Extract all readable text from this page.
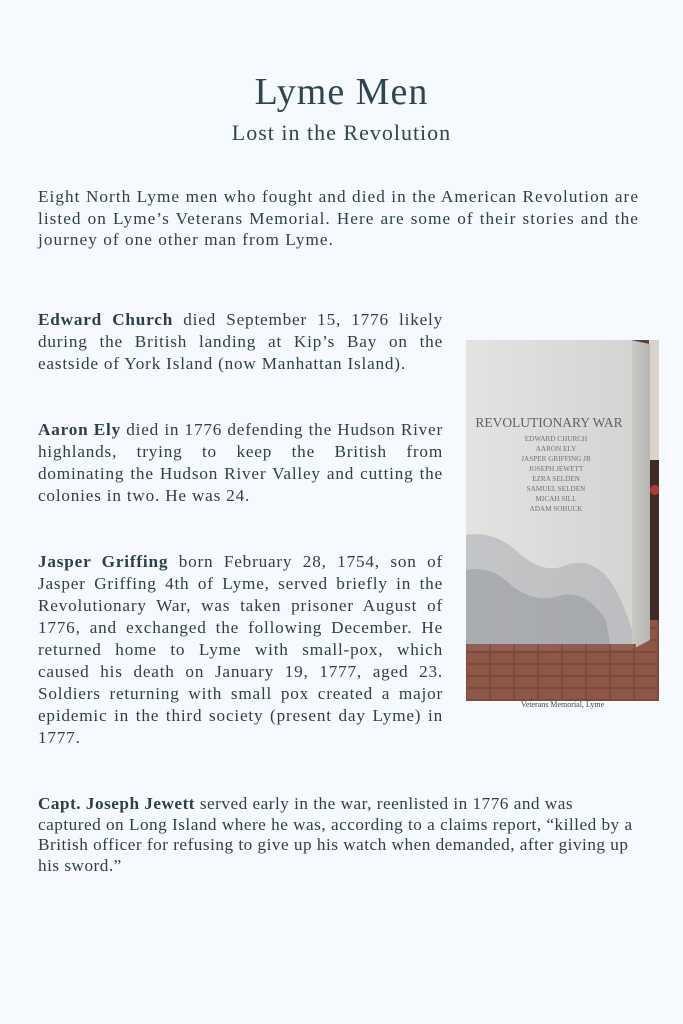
Lyme Men
Lost in the Revolution

Eight North Lyme men who fought and died in the American Revolution are listed on Lyme’s Veterans Memorial. Here are some of their stories and the journey of one other man from Lyme.

Edward Church died September 15, 1776 likely during the British landing at Kip’s Bay on the eastside of York Island (now Manhattan Island).

Aaron Ely died in 1776 defending the Hudson River highlands, trying to keep the British from dominating the Hudson River Valley and cutting the colonies in two. He was 24.

Jasper Griffing born February 28, 1754, son of Jasper Griffing 4th of Lyme, served briefly in the Revolutionary War, was taken prisoner August of 1776, and exchanged the following December. He returned home to Lyme with small-pox, which caused his death on January 19, 1777, aged 23. Soldiers returning with small pox created a major epidemic in the third society (present day Lyme) in 1777.

Capt. Joseph Jewett served early in the war, reenlisted in 1776 and was captured on Long Island where he was, according to a claims report, “killed by a British officer for refusing to give up his watch when demanded, after giving up his sword.”

REVOLUTIONARY WAR
EDWARD CHURCH
AARON ELY
JASPER GRIFFING JR
JOSEPH JEWETT
EZRA SELDEN
SAMUEL SELDEN
MICAH SILL
ADAM SOBUCK
Veterans Memorial, Lyme
